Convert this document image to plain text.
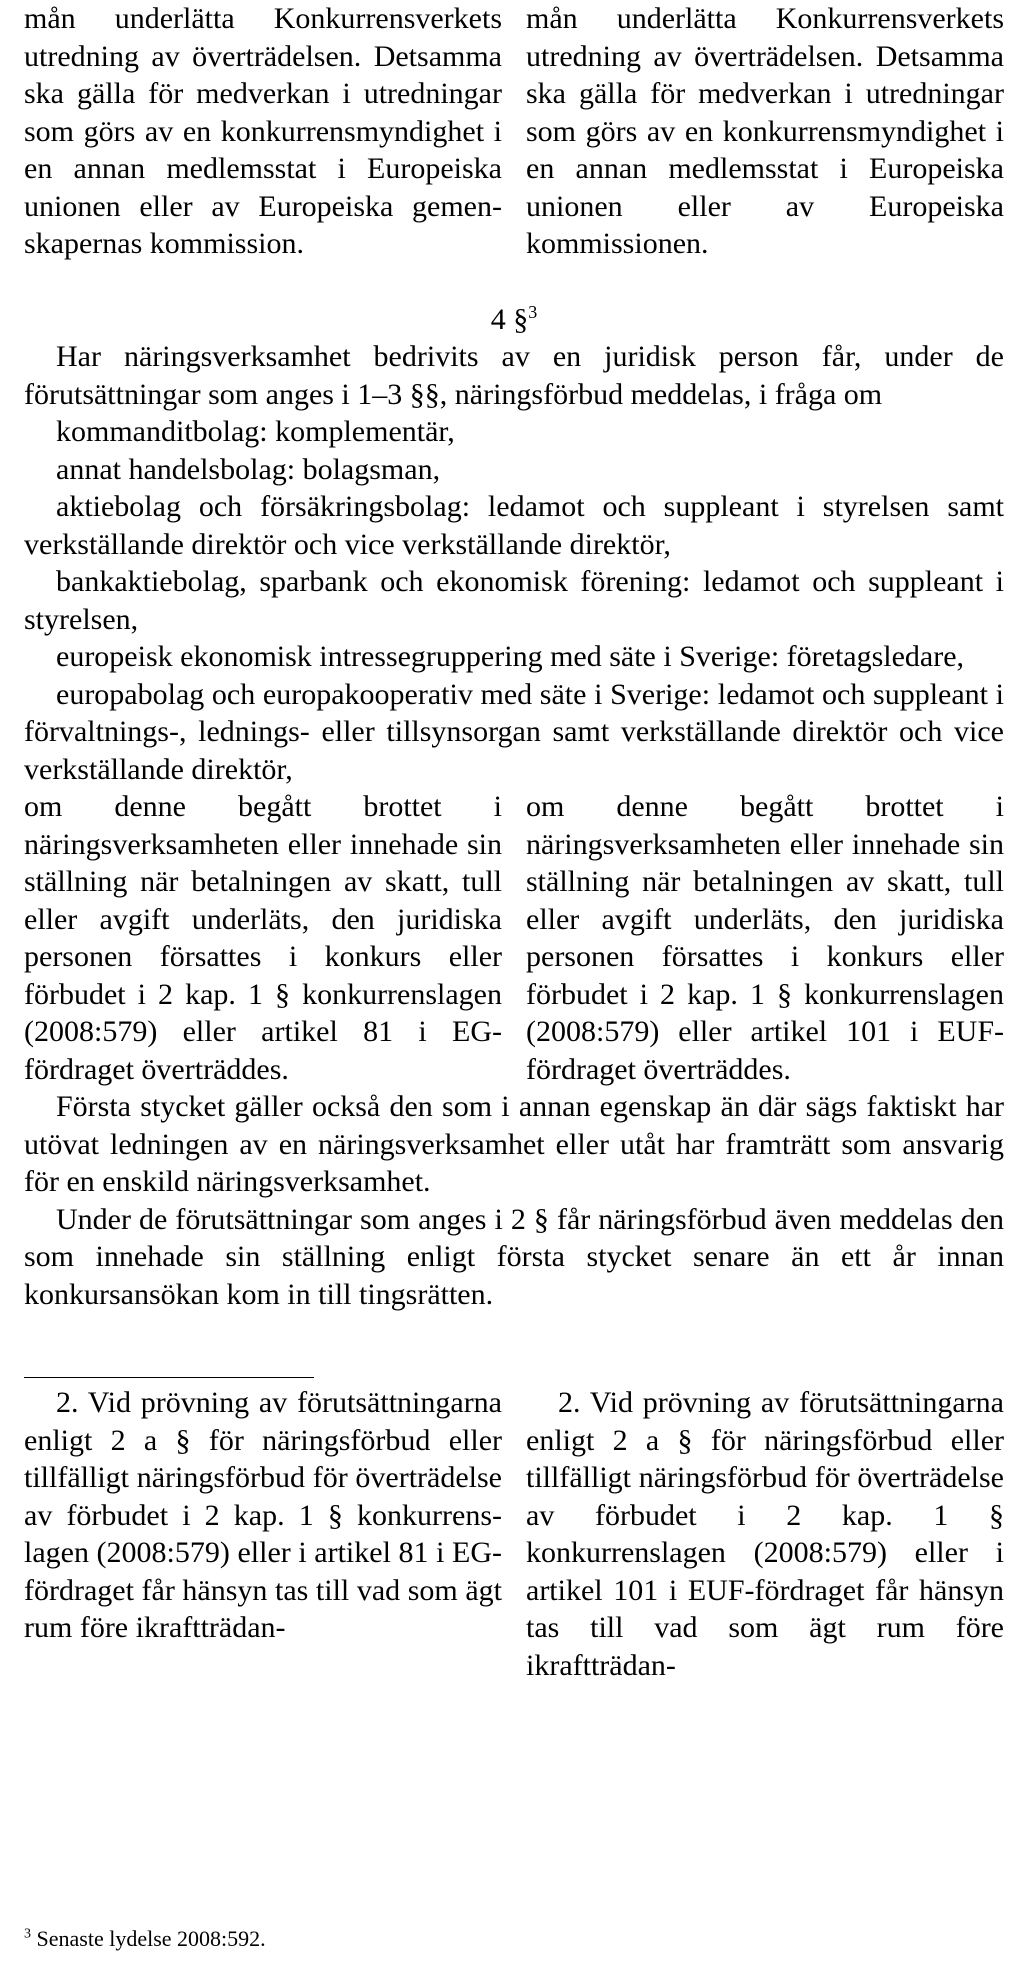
mån underlätta Konkurrensverkets utredning av överträdelsen. Detsamma ska gälla för medverkan i utredningar som görs av en konkurrensmyndighet i en annan medlemsstat i Europeiska unionen eller av Europeiska gemenskapernas kommission.

mån underlätta Konkurrensverkets utredning av överträdelsen. Detsamma ska gälla för medverkan i utredningar som görs av en konkurrensmyndighet i en annan medlemsstat i Europeiska unionen eller av Europeiska kommissionen.

4 §$^3$

Har näringsverksamhet bedrivits av en juridisk person får, under de förutsättningar som anges i 1–3 §§, näringsförbud meddelas, i fråga om

kommanditbolag: komplementär,

annat handelsbolag: bolagsman,

aktiebolag och försäkringsbolag: ledamot och suppleant i styrelsen samt verkställande direktör och vice verkställande direktör,

bankaktiebolag, sparbank och ekonomisk förening: ledamot och suppleant i styrelsen,

europeisk ekonomisk intressegruppering med säte i Sverige: företagsledare,

europabolag och europakooperativ med säte i Sverige: ledamot och suppleant i förvaltnings-, lednings- eller tillsynsorgan samt verkställande direktör och vice verkställande direktör,

om denne begått brottet i näringsverksamheten eller innehade sin ställning när betalningen av skatt, tull eller avgift underläts, den juridiska personen försattes i konkurs eller förbudet i 2 kap. 1 § konkurrenslagen (2008:579) eller artikel 81 i EG-fördraget överträddes.

om denne begått brottet i näringsverksamheten eller innehade sin ställning när betalningen av skatt, tull eller avgift underläts, den juridiska personen försattes i konkurs eller förbudet i 2 kap. 1 § konkurrenslagen (2008:579) eller artikel 101 i EUF-fördraget överträddes.

Första stycket gäller också den som i annan egenskap än där sägs faktiskt har utövat ledningen av en näringsverksamhet eller utåt har framträtt som ansvarig för en enskild näringsverksamhet.

Under de förutsättningar som anges i 2 § får näringsförbud även meddelas den som innehade sin ställning enligt första stycket senare än ett år innan konkursansökan kom in till tingsrätten.

2. Vid prövning av förutsättningarna enligt 2 a § för näringsförbud eller tillfälligt näringsförbud för överträdelse av förbudet i 2 kap. 1 § konkurrenslagen (2008:579) eller i artikel 81 i EG-fördraget får hänsyn tas till vad som ägt rum före ikraftträdan-

2. Vid prövning av förutsättningarna enligt 2 a § för näringsförbud eller tillfälligt näringsförbud för överträdelse av förbudet i 2 kap. 1 § konkurrenslagen (2008:579) eller i artikel 101 i EUF-fördraget får hänsyn tas till vad som ägt rum före ikraftträdan-

$^3$ Senaste lydelse 2008:592.
